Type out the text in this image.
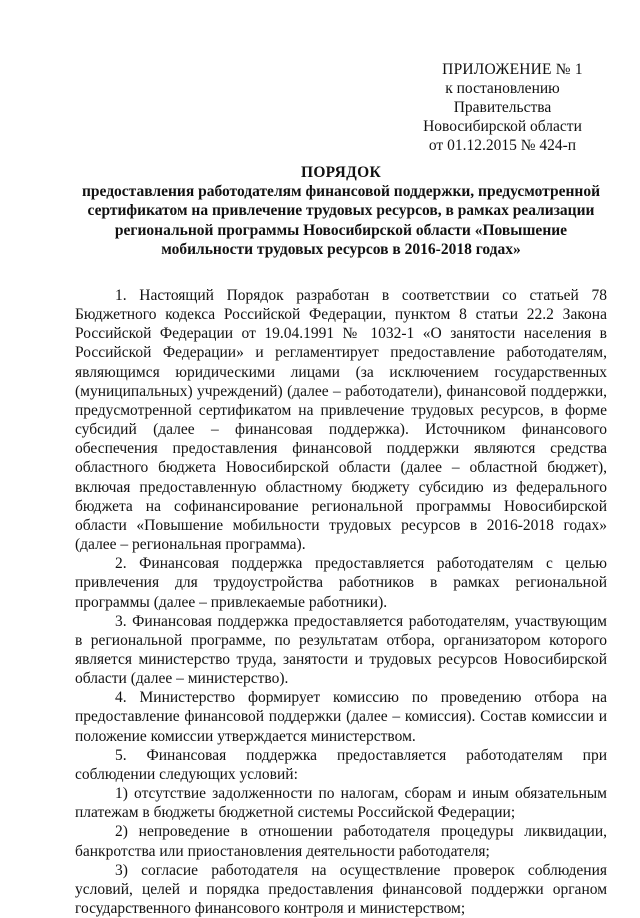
ПРИЛОЖЕНИЕ № 1
к постановлению Правительства
Новосибирской области
от 01.12.2015 № 424-п
ПОРЯДОК
предоставления работодателям финансовой поддержки, предусмотренной сертификатом на привлечение трудовых ресурсов, в рамках реализации региональной программы Новосибирской области «Повышение мобильности трудовых ресурсов в 2016-2018 годах»

1. Настоящий Порядок разработан в соответствии со статьей 78 Бюджетного кодекса Российской Федерации, пунктом 8 статьи 22.2 Закона Российской Федерации от 19.04.1991 № 1032-1 «О занятости населения в Российской Федерации» и регламентирует предоставление работодателям, являющимся юридическими лицами (за исключением государственных (муниципальных) учреждений) (далее – работодатели), финансовой поддержки, предусмотренной сертификатом на привлечение трудовых ресурсов, в форме субсидий (далее – финансовая поддержка). Источником финансового обеспечения предоставления финансовой поддержки являются средства областного бюджета Новосибирской области (далее – областной бюджет), включая предоставленную областному бюджету субсидию из федерального бюджета на софинансирование региональной программы Новосибирской области «Повышение мобильности трудовых ресурсов в 2016-2018 годах» (далее – региональная программа).

2. Финансовая поддержка предоставляется работодателям с целью привлечения для трудоустройства работников в рамках региональной программы (далее – привлекаемые работники).

3. Финансовая поддержка предоставляется работодателям, участвующим в региональной программе, по результатам отбора, организатором которого является министерство труда, занятости и трудовых ресурсов Новосибирской области (далее – министерство).

4. Министерство формирует комиссию по проведению отбора на предоставление финансовой поддержки (далее – комиссия). Состав комиссии и положение комиссии утверждается министерством.

5. Финансовая поддержка предоставляется работодателям при соблюдении следующих условий:

1) отсутствие задолженности по налогам, сборам и иным обязательным платежам в бюджеты бюджетной системы Российской Федерации;

2) непроведение в отношении работодателя процедуры ликвидации, банкротства или приостановления деятельности работодателя;

3) согласие работодателя на осуществление проверок соблюдения условий, целей и порядка предоставления финансовой поддержки органом государственного финансового контроля и министерством;
